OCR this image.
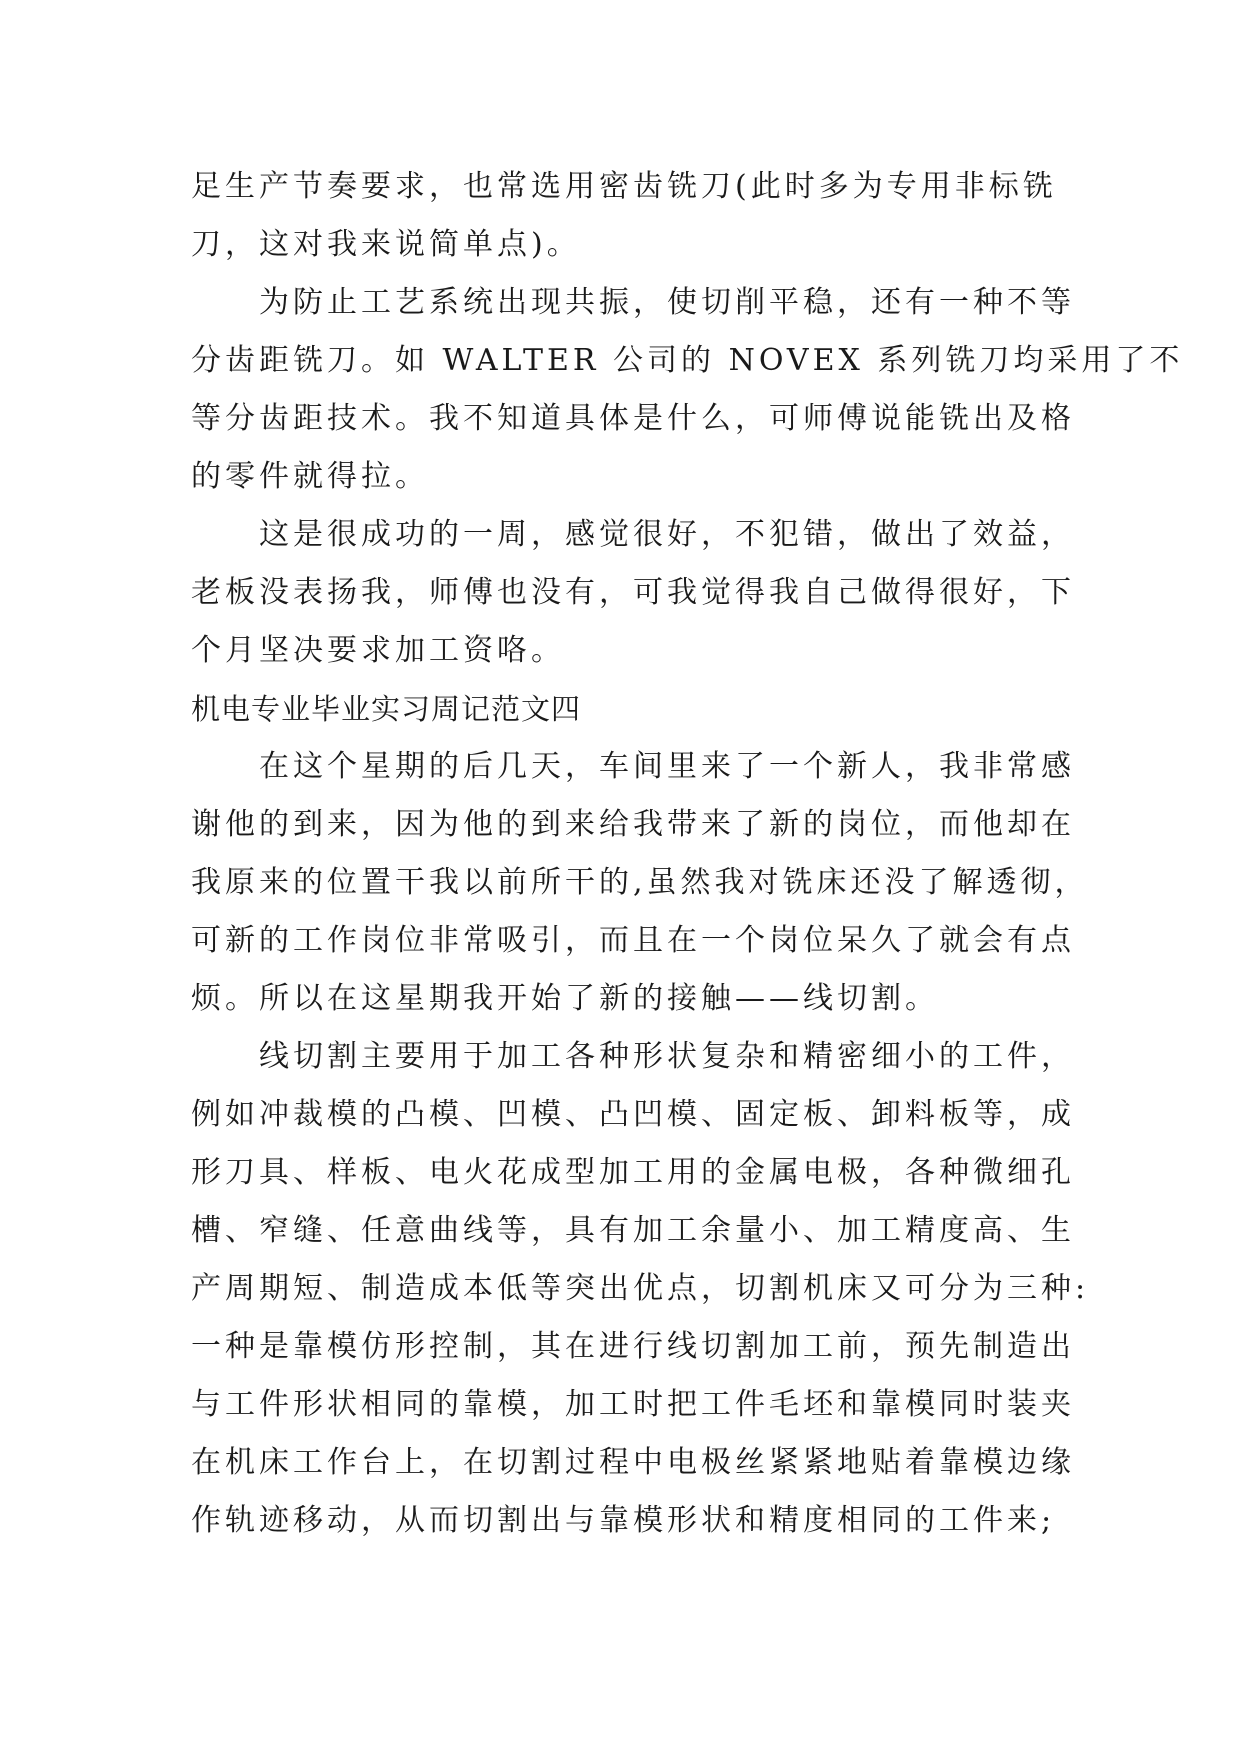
足生产节奏要求，也常选用密齿铣刀(此时多为专用非标铣
刀，这对我来说简单点)。
为防止工艺系统出现共振，使切削平稳，还有一种不等
分齿距铣刀。如 WALTER 公司的 NOVEX 系列铣刀均采用了不
等分齿距技术。我不知道具体是什么，可师傅说能铣出及格
的零件就得拉。
这是很成功的一周，感觉很好，不犯错，做出了效益，
老板没表扬我，师傅也没有，可我觉得我自己做得很好，下
个月坚决要求加工资咯。
机电专业毕业实习周记范文四
在这个星期的后几天，车间里来了一个新人，我非常感
谢他的到来，因为他的到来给我带来了新的岗位，而他却在
我原来的位置干我以前所干的,虽然我对铣床还没了解透彻，
可新的工作岗位非常吸引，而且在一个岗位呆久了就会有点
烦。所以在这星期我开始了新的接触——线切割。
线切割主要用于加工各种形状复杂和精密细小的工件，
例如冲裁模的凸模、凹模、凸凹模、固定板、卸料板等，成
形刀具、样板、电火花成型加工用的金属电极，各种微细孔
槽、窄缝、任意曲线等，具有加工余量小、加工精度高、生
产周期短、制造成本低等突出优点，切割机床又可分为三种:
一种是靠模仿形控制，其在进行线切割加工前，预先制造出
与工件形状相同的靠模，加工时把工件毛坯和靠模同时装夹
在机床工作台上，在切割过程中电极丝紧紧地贴着靠模边缘
作轨迹移动，从而切割出与靠模形状和精度相同的工件来;
